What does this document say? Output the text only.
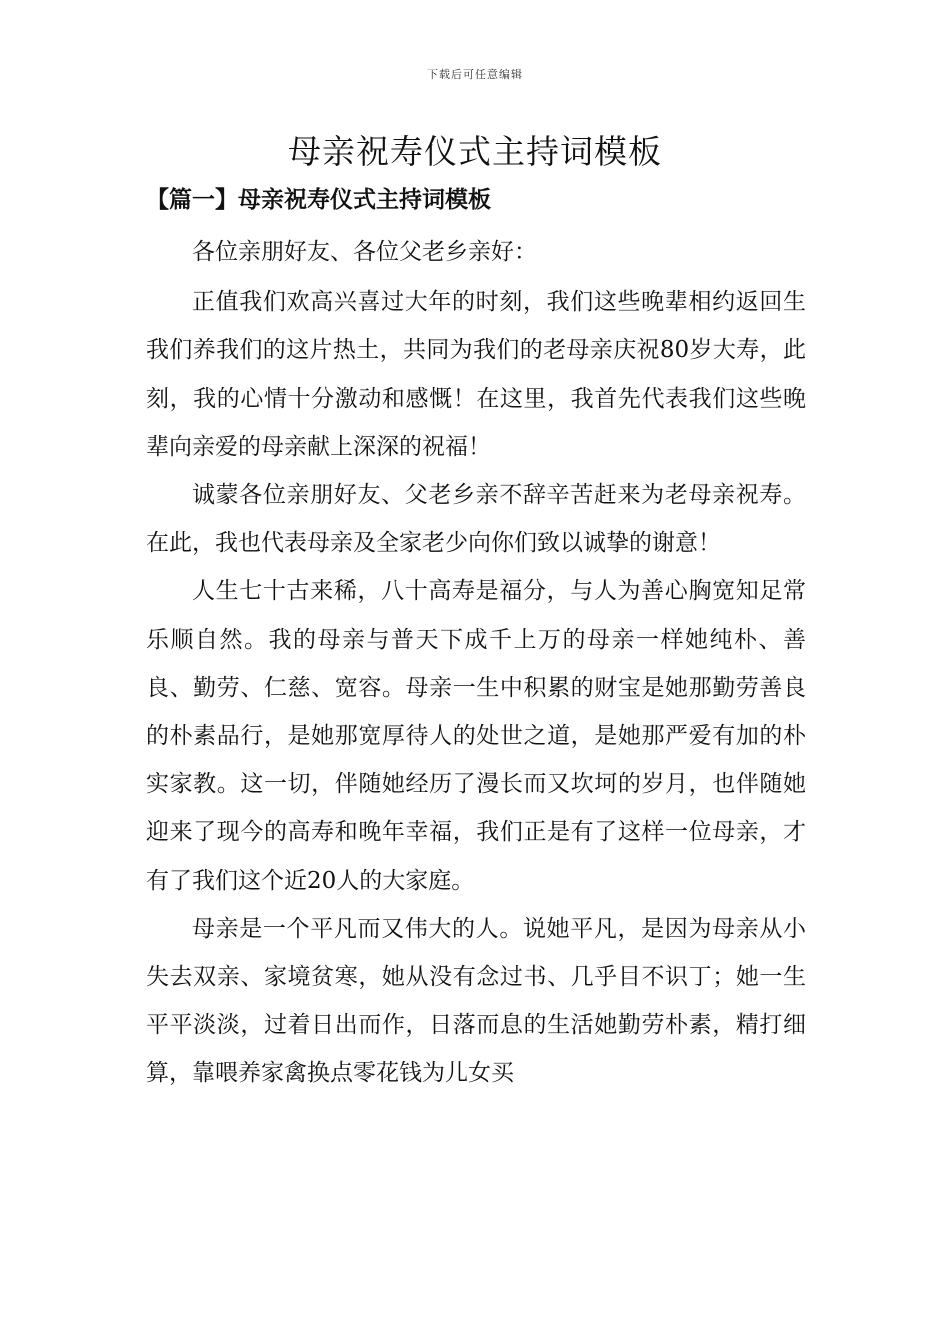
下载后可任意编辑
母亲祝寿仪式主持词模板
【篇一】母亲祝寿仪式主持词模板

各位亲朋好友、各位父老乡亲好：

正值我们欢高兴喜过大年的时刻，我们这些晚辈相约返回生我们养我们的这片热土，共同为我们的老母亲庆祝80岁大寿，此刻，我的心情十分激动和感慨！在这里，我首先代表我们这些晚辈向亲爱的母亲献上深深的祝福！

诚蒙各位亲朋好友、父老乡亲不辞辛苦赶来为老母亲祝寿。在此，我也代表母亲及全家老少向你们致以诚挚的谢意！

人生七十古来稀，八十高寿是福分，与人为善心胸宽知足常乐顺自然。我的母亲与普天下成千上万的母亲一样她纯朴、善良、勤劳、仁慈、宽容。母亲一生中积累的财宝是她那勤劳善良的朴素品行，是她那宽厚待人的处世之道，是她那严爱有加的朴实家教。这一切，伴随她经历了漫长而又坎坷的岁月，也伴随她迎来了现今的高寿和晚年幸福，我们正是有了这样一位母亲，才有了我们这个近20人的大家庭。

母亲是一个平凡而又伟大的人。说她平凡，是因为母亲从小失去双亲、家境贫寒，她从没有念过书、几乎目不识丁；她一生平平淡淡，过着日出而作，日落而息的生活她勤劳朴素，精打细算，靠喂养家禽换点零花钱为儿女买
